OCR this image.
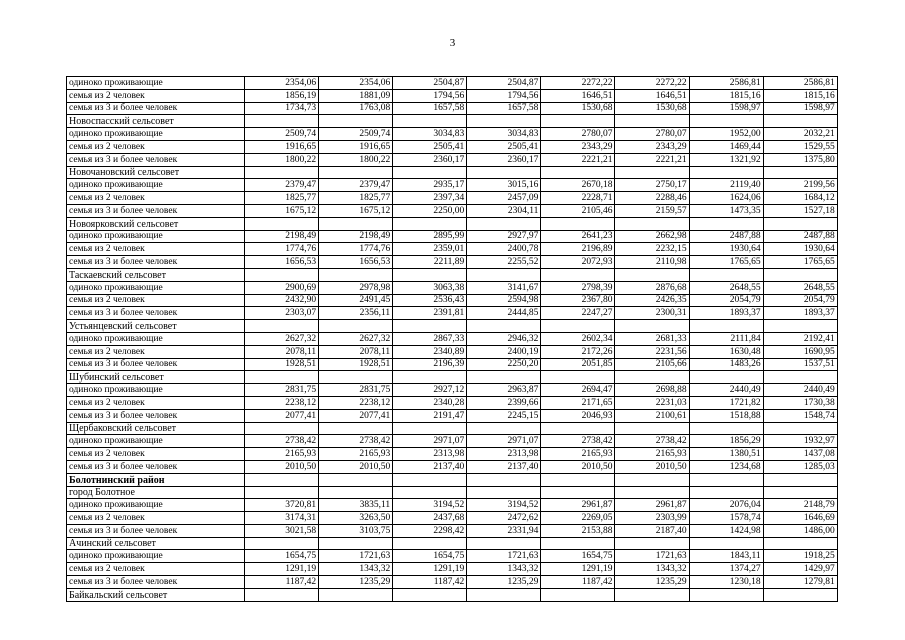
3
одиноко проживающие	2354,06	2354,06	2504,87	2504,87	2272,22	2272,22	2586,81	2586,81
семья из 2 человек	1856,19	1881,09	1794,56	1794,56	1646,51	1646,51	1815,16	1815,16
семья из 3 и более человек	1734,73	1763,08	1657,58	1657,58	1530,68	1530,68	1598,97	1598,97
Новоспасский сельсовет								
одиноко проживающие	2509,74	2509,74	3034,83	3034,83	2780,07	2780,07	1952,00	2032,21
семья из 2 человек	1916,65	1916,65	2505,41	2505,41	2343,29	2343,29	1469,44	1529,55
семья из 3 и более человек	1800,22	1800,22	2360,17	2360,17	2221,21	2221,21	1321,92	1375,80
Новочановский сельсовет								
одиноко проживающие	2379,47	2379,47	2935,17	3015,16	2670,18	2750,17	2119,40	2199,56
семья из 2 человек	1825,77	1825,77	2397,34	2457,09	2228,71	2288,46	1624,06	1684,12
семья из 3 и более человек	1675,12	1675,12	2250,00	2304,11	2105,46	2159,57	1473,35	1527,18
Новоярковский сельсовет								
одиноко проживающие	2198,49	2198,49	2895,99	2927,97	2641,23	2662,98	2487,88	2487,88
семья из 2 человек	1774,76	1774,76	2359,01	2400,78	2196,89	2232,15	1930,64	1930,64
семья из 3 и более человек	1656,53	1656,53	2211,89	2255,52	2072,93	2110,98	1765,65	1765,65
Таскаевский сельсовет								
одиноко проживающие	2900,69	2978,98	3063,38	3141,67	2798,39	2876,68	2648,55	2648,55
семья из 2 человек	2432,90	2491,45	2536,43	2594,98	2367,80	2426,35	2054,79	2054,79
семья из 3 и более человек	2303,07	2356,11	2391,81	2444,85	2247,27	2300,31	1893,37	1893,37
Устьянцевский сельсовет								
одиноко проживающие	2627,32	2627,32	2867,33	2946,32	2602,34	2681,33	2111,84	2192,41
семья из 2 человек	2078,11	2078,11	2340,89	2400,19	2172,26	2231,56	1630,48	1690,95
семья из 3 и более человек	1928,51	1928,51	2196,39	2250,20	2051,85	2105,66	1483,26	1537,51
Шубинский сельсовет								
одиноко проживающие	2831,75	2831,75	2927,12	2963,87	2694,47	2698,88	2440,49	2440,49
семья из 2 человек	2238,12	2238,12	2340,28	2399,66	2171,65	2231,03	1721,82	1730,38
семья из 3 и более человек	2077,41	2077,41	2191,47	2245,15	2046,93	2100,61	1518,88	1548,74
Щербаковский сельсовет								
одиноко проживающие	2738,42	2738,42	2971,07	2971,07	2738,42	2738,42	1856,29	1932,97
семья из 2 человек	2165,93	2165,93	2313,98	2313,98	2165,93	2165,93	1380,51	1437,08
семья из 3 и более человек	2010,50	2010,50	2137,40	2137,40	2010,50	2010,50	1234,68	1285,03
Болотнинский район								
город Болотное								
одиноко проживающие	3720,81	3835,11	3194,52	3194,52	2961,87	2961,87	2076,04	2148,79
семья из 2 человек	3174,31	3263,50	2437,68	2472,62	2269,05	2303,99	1578,74	1646,69
семья из 3 и более человек	3021,58	3103,75	2298,42	2331,94	2153,88	2187,40	1424,98	1486,00
Ачинский сельсовет								
одиноко проживающие	1654,75	1721,63	1654,75	1721,63	1654,75	1721,63	1843,11	1918,25
семья из 2 человек	1291,19	1343,32	1291,19	1343,32	1291,19	1343,32	1374,27	1429,97
семья из 3 и более человек	1187,42	1235,29	1187,42	1235,29	1187,42	1235,29	1230,18	1279,81
Байкальский сельсовет								
